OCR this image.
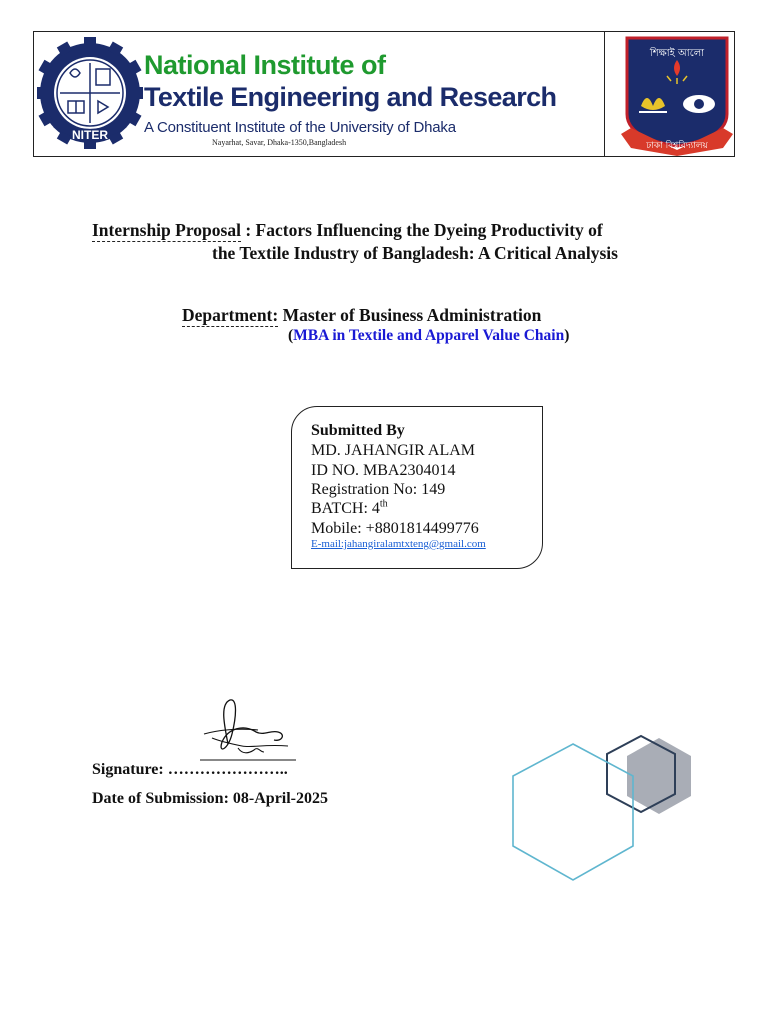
NITER
National Institute of
Textile Engineering and Research
A Constituent Institute of the University of Dhaka
Nayarhat, Savar, Dhaka-1350,Bangladesh
শিক্ষাই আলো
ঢাকা বিশ্ববিদ্যালয়
Internship Proposal : Factors Influencing the Dyeing Productivity of
the Textile Industry of Bangladesh: A Critical Analysis
Department: Master of Business Administration
(MBA in Textile and Apparel Value Chain)
Submitted By
MD. JAHANGIR ALAM
ID NO. MBA2304014
Registration No: 149
BATCH: 4th
Mobile: +8801814499776
E-mail:jahangiralamtxteng@gmail.com
Signature: …………………..
Date of Submission: 08-April-2025
